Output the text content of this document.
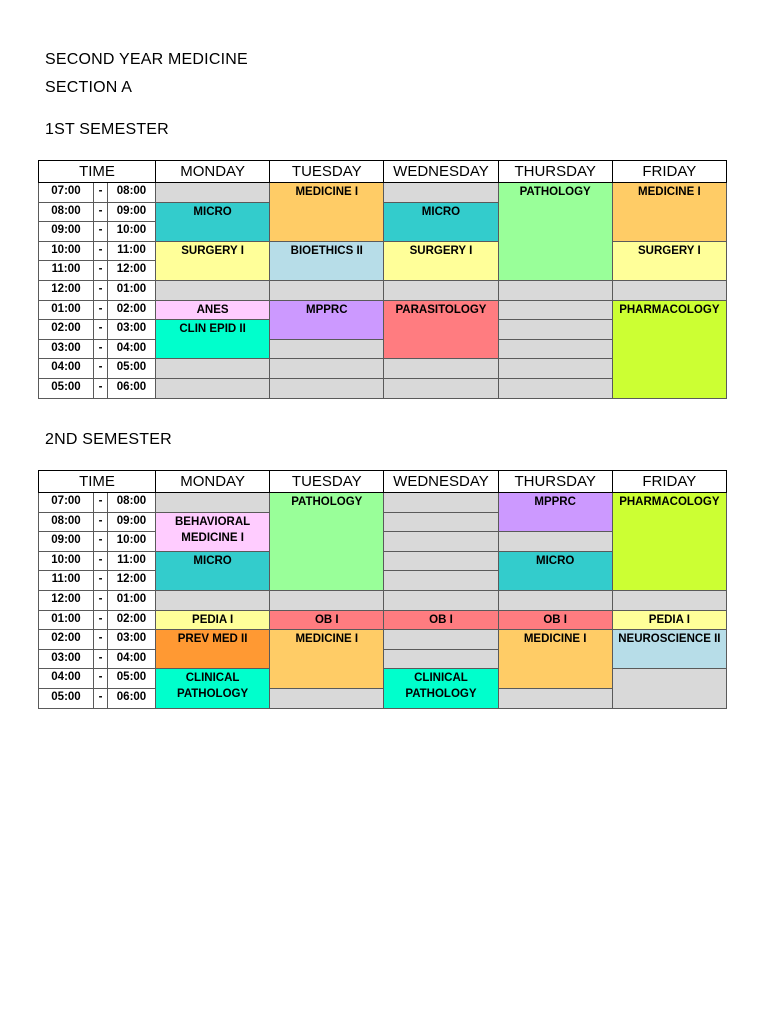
SECOND YEAR MEDICINE
SECTION A
1ST SEMESTER
2ND SEMESTER
TIME			MONDAY	TUESDAY	WEDNESDAY	THURSDAY	FRIDAY
07:00	-	08:00		MEDICINE I		PATHOLOGY	MEDICINE I

08:00	-	09:00	MICRO		MICRO		

09:00	-	10:00					
10:00	-	11:00	SURGERY I	BIOETHICS II	SURGERY I		SURGERY I

11:00	-	12:00					
12:00	-	01:00					
01:00	-	02:00	ANES	MPPRC	PARASITOLOGY		PHARMACOLOGY

02:00	-	03:00	CLIN EPID II				

03:00	-	04:00					
04:00	-	05:00					
05:00	-	06:00					
TIME			MONDAY	TUESDAY	WEDNESDAY	THURSDAY	FRIDAY
07:00	-	08:00		PATHOLOGY		MPPRC	PHARMACOLOGY

08:00	-	09:00	BEHAVIORAL MEDICINE I				

09:00	-	10:00					
10:00	-	11:00	MICRO			MICRO	

11:00	-	12:00					
12:00	-	01:00					
01:00	-	02:00	PEDIA I	OB I	OB I	OB I	PEDIA I

02:00	-	03:00	PREV MED II	MEDICINE I		MEDICINE I	NEUROSCIENCE II

03:00	-	04:00					
04:00	-	05:00	CLINICAL PATHOLOGY		CLINICAL PATHOLOGY		

05:00	-	06:00					
